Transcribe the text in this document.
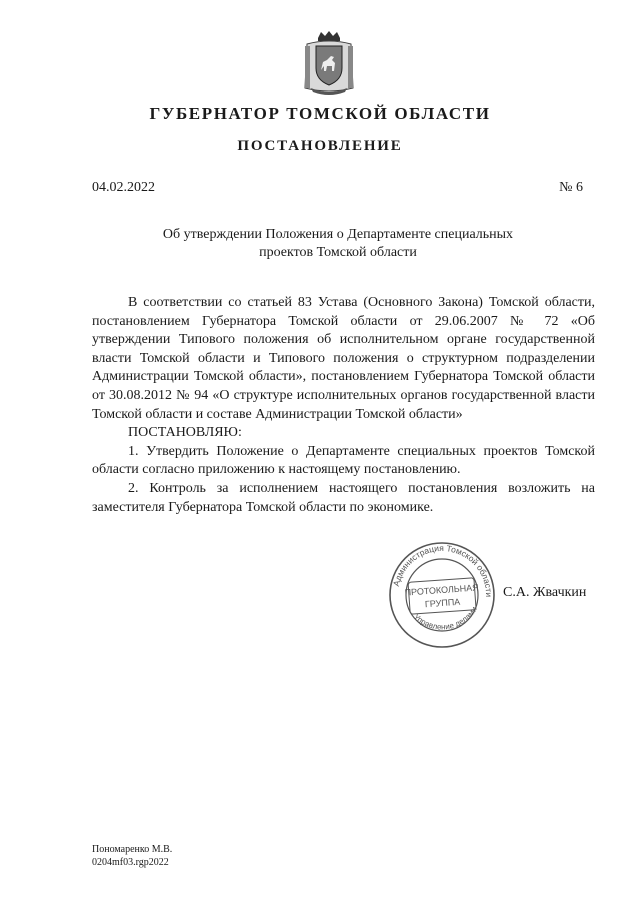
ГУБЕРНАТОР ТОМСКОЙ ОБЛАСТИ
ПОСТАНОВЛЕНИЕ
04.02.2022	№ 6
Об утверждении Положения о Департаменте специальных
проектов Томской области

В соответствии со статьей 83 Устава (Основного Закона) Томской области, постановлением Губернатора Томской области от 29.06.2007 № 72 «Об утверждении Типового положения об исполнительном органе государственной власти Томской области и Типового положения о структурном подразделении Администрации Томской области», постановлением Губернатора Томской области от 30.08.2012 № 94 «О структуре исполнительных органов государственной власти Томской области и составе Администрации Томской области»

ПОСТАНОВЛЯЮ:

1. Утвердить Положение о Департаменте специальных проектов Томской области согласно приложению к настоящему постановлению.

2. Контроль за исполнением настоящего постановления возложить на заместителя Губернатора Томской области по экономике.

Администрация Томской области
Управление делами
ПРОТОКОЛЬНАЯ
ГРУППА
С.А. Жвачкин
Пономаренко М.В.
0204mf03.rgp2022
